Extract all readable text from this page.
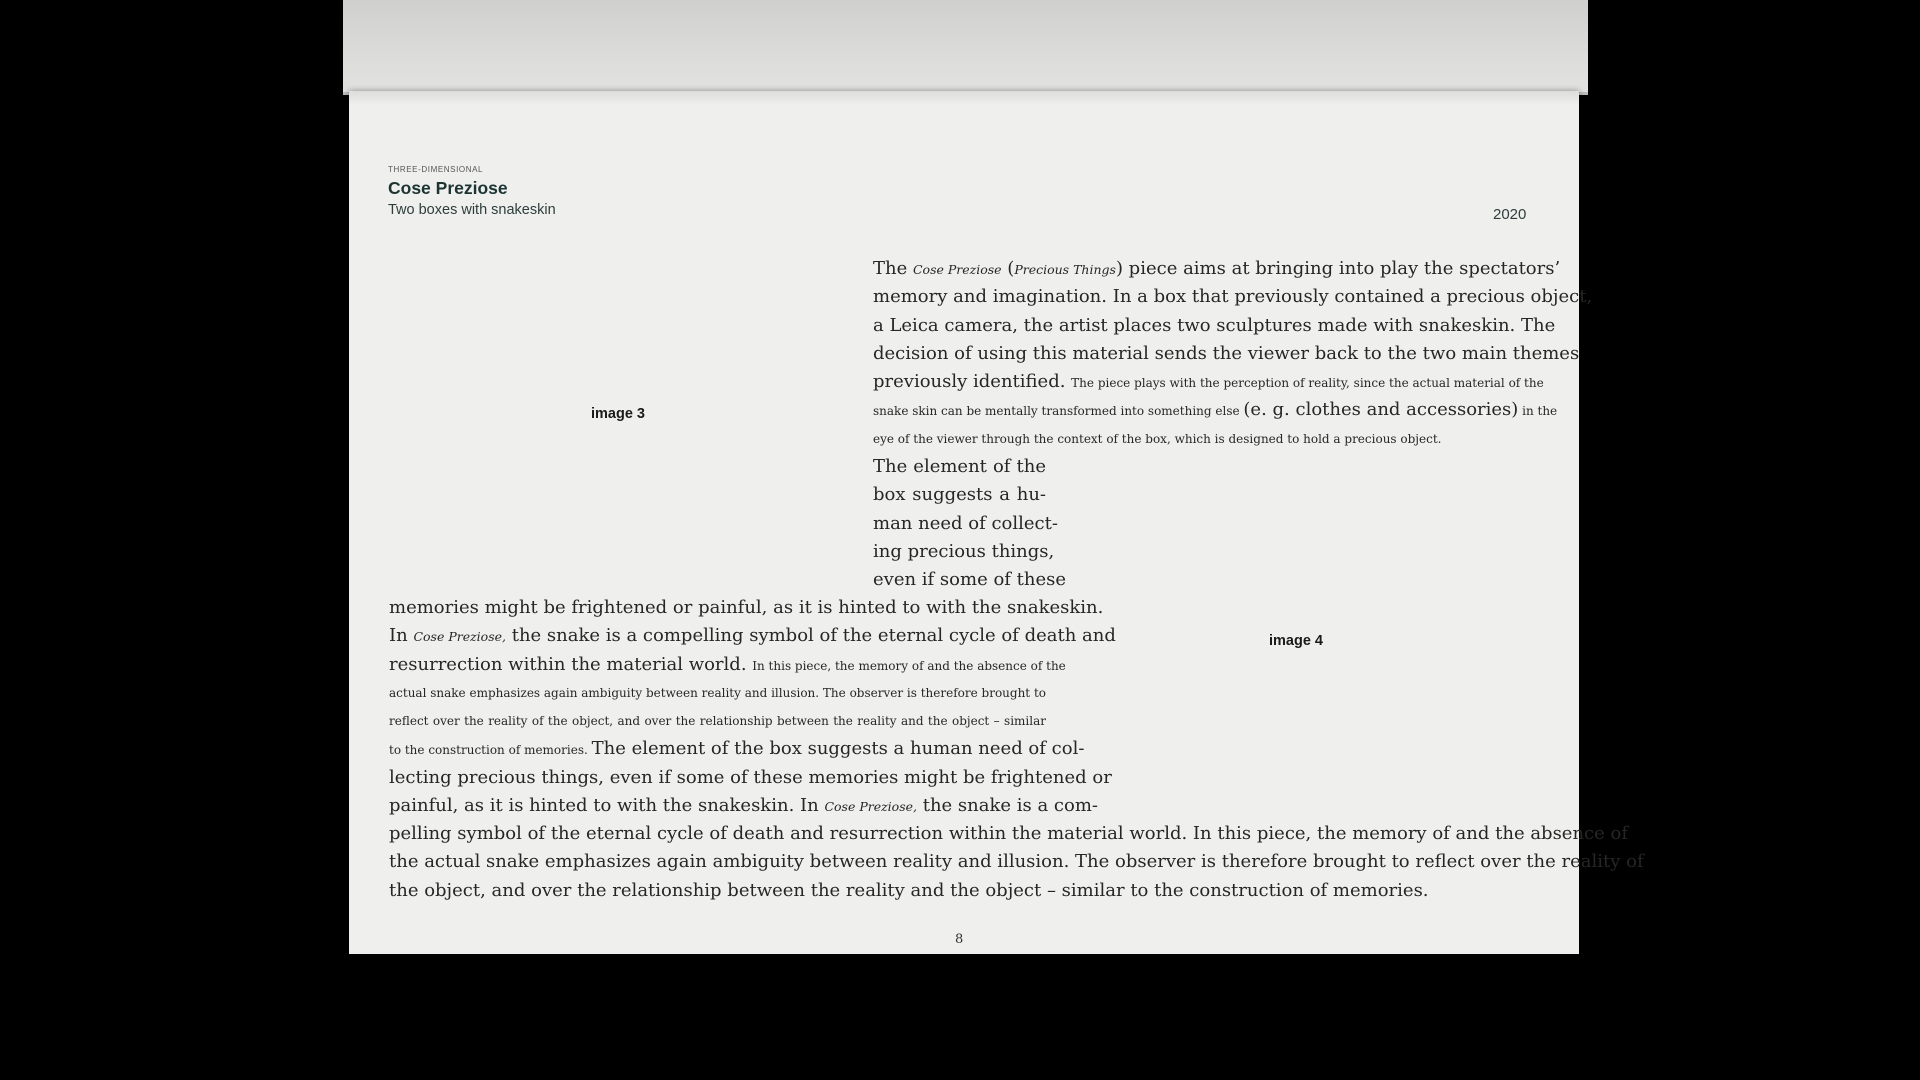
THREE-DIMENSIONAL
Cose Preziose
Two boxes with snakeskin	2020
image 3
image 4
The Cose Preziose (Precious Things) piece aims at bringing into play the spectators’
memory and imagination. In a box that previously contained a precious object,
a Leica camera, the artist places two sculptures made with snakeskin. The
decision of using this material sends the viewer back to the two main themes
previously identified. The piece plays with the perception of reality, since the actual material of the
snake skin can be mentally transformed into something else (e. g. clothes and accessories) in the
eye of the viewer through the context of the box, which is designed to hold a precious object.
The element of the
box suggests a hu-
man need of collect-
ing precious things,
even if some of these
memories might be frightened or painful, as it is hinted to with the snakeskin.
In Cose Preziose, the snake is a compelling symbol of the eternal cycle of death and
resurrection within the material world. In this piece, the memory of and the absence of the
actual snake emphasizes again ambiguity between reality and illusion. The observer is therefore brought to
reflect over the reality of the object, and over the relationship between the reality and the object – similar
to the construction of memories. The element of the box suggests a human need of col-
lecting precious things, even if some of these memories might be frightened or
painful, as it is hinted to with the snakeskin. In Cose Preziose, the snake is a com-
pelling symbol of the eternal cycle of death and resurrection within the material world. In this piece, the memory of and the absence of
the actual snake emphasizes again ambiguity between reality and illusion. The observer is therefore brought to reflect over the reality of
the object, and over the relationship between the reality and the object – similar to the construction of memories.
8
